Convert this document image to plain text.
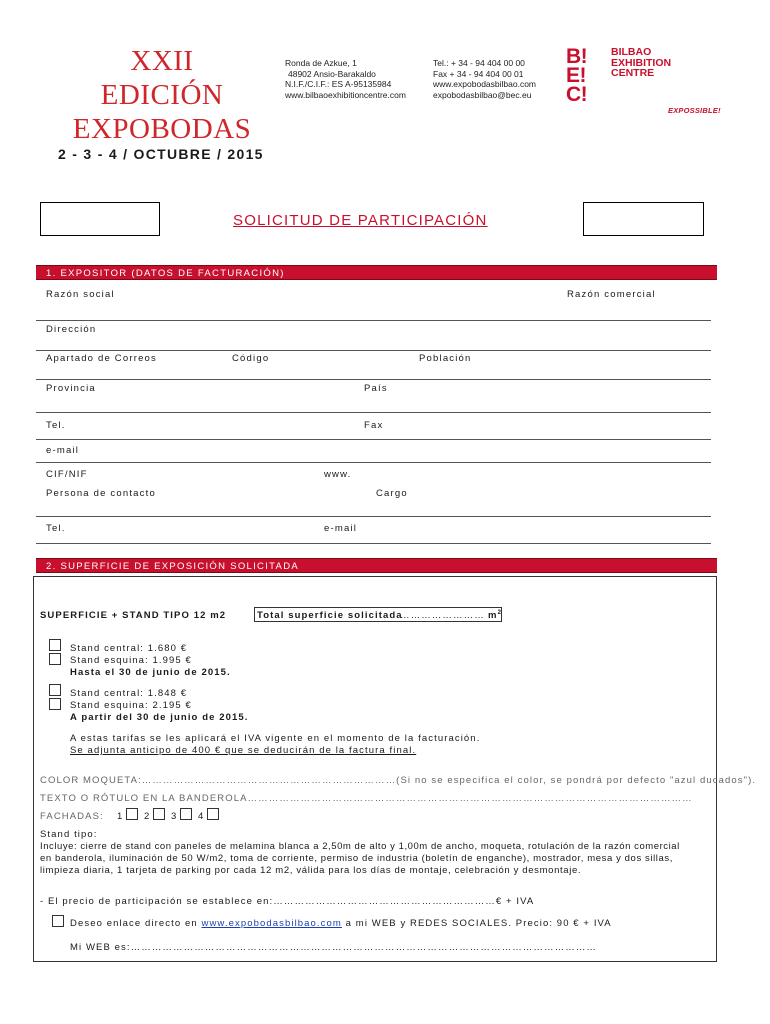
XXII
EDICIÓN
EXPOBODAS
2 - 3 - 4 / OCTUBRE / 2015
Ronda de Azkue, 1
48902 Ansio-Barakaldo
N.I.F./C.I.F.: ES A-95135984
www.bilbaoexhibitioncentre.com
Tel.: + 34 - 94 404 00 00
Fax + 34 - 94 404 00 01
www.expobodasbilbao.com
expobodasbilbao@bec.eu
B!
E!
C!
BILBAO
EXHIBITION
CENTRE
EXPOSSIBLE!
SOLICITUD DE PARTICIPACIÓN
1. EXPOSITOR (DATOS DE FACTURACIÓN)
Razón social	Razón comercial
Dirección
Apartado de Correos	Código	Población
Provincia	País
Tel.	Fax
e-mail
CIF/NIF	www.
Persona de contacto	Cargo
Tel.	e-mail
2. SUPERFICIE DE EXPOSICIÓN SOLICITADA
SUPERFICIE + STAND TIPO 12 m2	Total superficie solicitada
…………………… $m^2$
Stand central: 1.680 €
Stand esquina: 1.995 €
Hasta el 30 de junio de 2015.
Stand central: 1.848 €
Stand esquina: 2.195 €
A partir del 30 de junio de 2015.
A estas tarifas se les aplicará el IVA vigente en el momento de la facturación.
Se adjunta anticipo de 400 € que se deducirán de la factura final.
COLOR MOQUETA:………………………………………………………………(Si no se especifica el color, se pondrá por defecto "azul ducados").
TEXTO O RÓTULO EN LA BANDEROLA………………………………………………………………………………………………………………
FACHADAS: 1 2 3 4
Stand tipo:
Incluye: cierre de stand con paneles de melamina blanca a 2,50m de alto y 1,00m de ancho, moqueta, rotulación de la razón comercial
en banderola, iluminación de 50 W/m2, toma de corriente, permiso de industria (boletín de enganche), mostrador, mesa y dos sillas,
limpieza diaria, 1 tarjeta de parking por cada 12 m2, válida para los días de montaje, celebración y desmontaje.
- El precio de participación se establece en:………………………………………………………€ + IVA
Deseo enlace directo en www.expobodasbilbao.com a mi WEB y REDES SOCIALES. Precio: 90 € + IVA
Mi WEB es:……………………………………………………………………………………………………………………
